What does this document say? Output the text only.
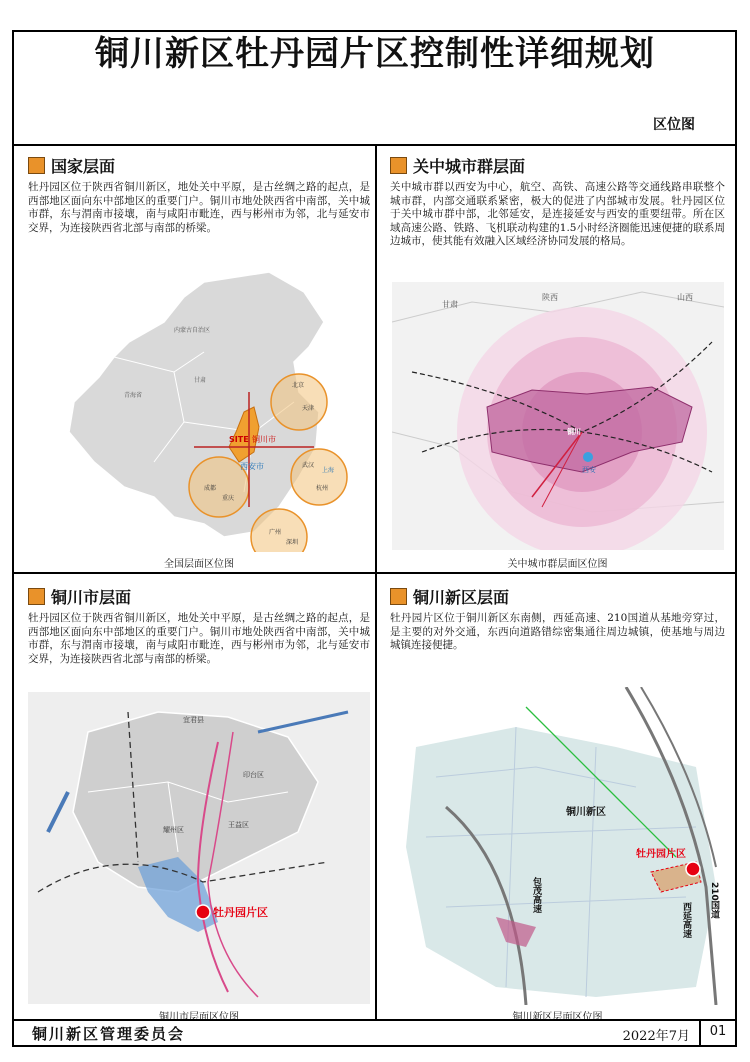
铜川新区牡丹园片区控制性详细规划
区位图
国家层面

牡丹园区位于陕西省铜川新区，地处关中平原，是古丝绸之路的起点，是西部地区面向东中部地区的重要门户。铜川市地处陕西省中南部，关中城市群，东与渭南市接壤，南与咸阳市毗连，西与彬州市为邻，北与延安市交界，为连接陕西省北部与南部的桥梁。

内蒙古自治区
青海省
甘肃
SITE 铜川市
西安市
北京
天津
上海
杭州
武汉
成都
重庆
广州
深圳
全国层面区位图
关中城市群层面

关中城市群以西安为中心，航空、高铁、高速公路等交通线路串联整个城市群，内部交通联系紧密，极大的促进了内部城市发展。牡丹园区位于关中城市群中部，北邻延安，是连接延安与西安的重要纽带。所在区域高速公路、铁路、飞机联动构建的1.5小时经济圈能迅速便捷的联系周边城市，使其能有效融入区域经济协同发展的格局。

铜川
西安
甘肃
陕西	山西
关中城市群层面区位图
铜川市层面

牡丹园区位于陕西省铜川新区，地处关中平原，是古丝绸之路的起点，是西部地区面向东中部地区的重要门户。铜川市地处陕西省中南部，关中城市群，东与渭南市接壤，南与咸阳市毗连，西与彬州市为邻，北与延安市交界，为连接陕西省北部与南部的桥梁。

牡丹园片区
宜君县
耀州区
王益区
印台区
铜川市层面区位图
铜川新区层面

牡丹园片区位于铜川新区东南侧，西延高速、210国道从基地旁穿过，是主要的对外交通，东西向道路错综密集通往周边城镇，使基地与周边城镇连接便捷。

铜川新区
牡丹园片区
包茂高速
西延高速
210国道
铜川新区层面区位图
铜川新区管理委员会	2022年7月	01
